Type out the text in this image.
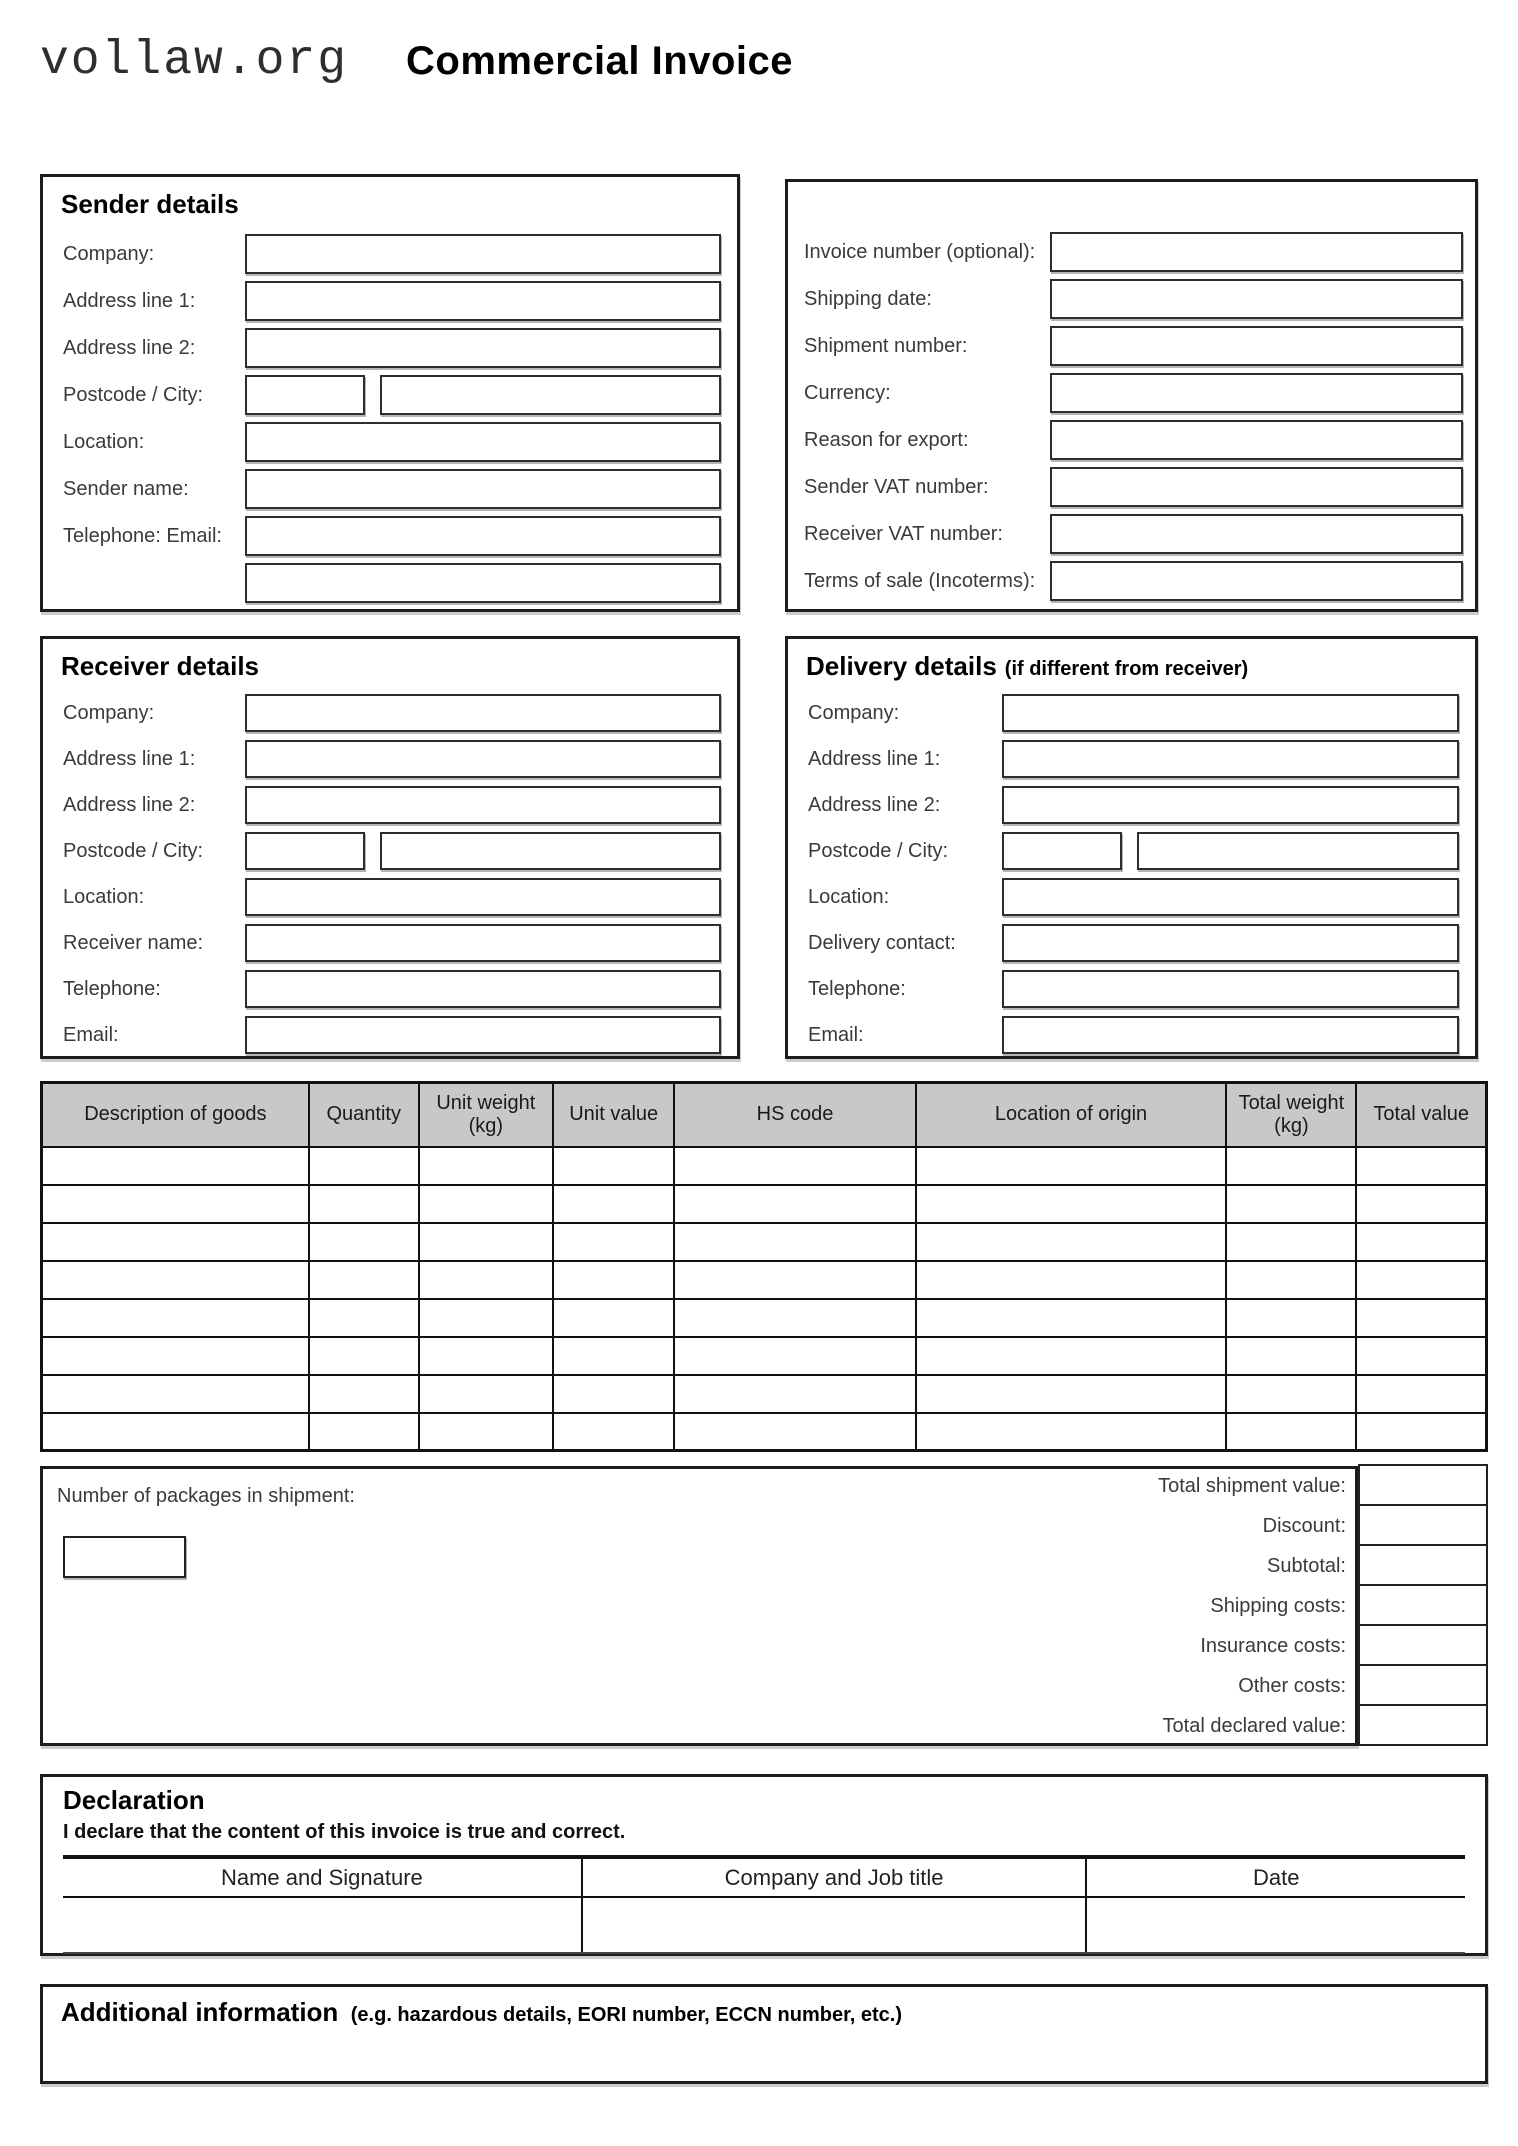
vollaw.org Commercial Invoice
Sender details
Company:
Address line 1:
Address line 2:
Postcode / City:
Location:
Sender name:
Telephone: Email:
Invoice number (optional):
Shipping date:
Shipment number:
Currency:
Reason for export:
Sender VAT number:
Receiver VAT number:
Terms of sale (Incoterms):
Receiver details
Company:
Address line 1:
Address line 2:
Postcode / City:
Location:
Receiver name:
Telephone:
Email:
Delivery details (if different from receiver)
Company:
Address line 1:
Address line 2:
Postcode / City:
Location:
Delivery contact:
Telephone:
Email:
Description of goods	Quantity	Unit weight (kg)	Unit value	HS code	Location of origin	Total weight (kg)	Total value

Number of packages in shipment:	Total shipment value:
Discount:
Subtotal:
Shipping costs:
Insurance costs:
Other costs:
Total declared value:
Declaration
I declare that the content of this invoice is true and correct.
Name and Signature	Company and Job title	Date

Additional information (e.g. hazardous details, EORI number, ECCN number, etc.)
